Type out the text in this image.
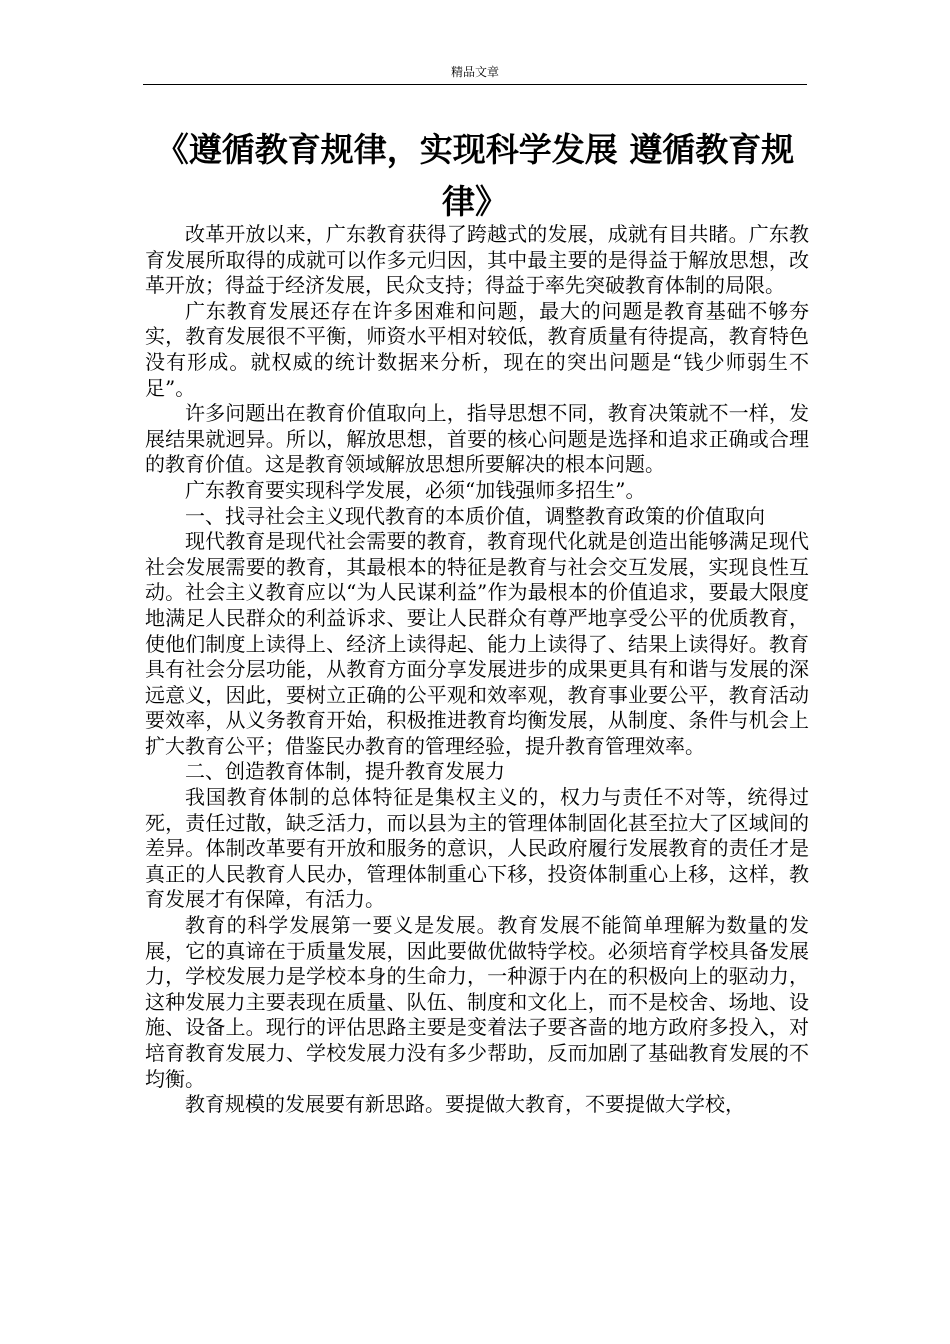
精品文章
《遵循教育规律，实现科学发展 遵循教育规律》

改革开放以来，广东教育获得了跨越式的发展，成就有目共睹。广东教育发展所取得的成就可以作多元归因，其中最主要的是得益于解放思想，改革开放；得益于经济发展，民众支持；得益于率先突破教育体制的局限。

广东教育发展还存在许多困难和问题，最大的问题是教育基础不够夯实，教育发展很不平衡，师资水平相对较低，教育质量有待提高，教育特色没有形成。就权威的统计数据来分析，现在的突出问题是“钱少师弱生不足”。

许多问题出在教育价值取向上，指导思想不同，教育决策就不一样，发展结果就迥异。所以，解放思想，首要的核心问题是选择和追求正确或合理的教育价值。这是教育领域解放思想所要解决的根本问题。

广东教育要实现科学发展，必须“加钱强师多招生”。

一、找寻社会主义现代教育的本质价值，调整教育政策的价值取向

现代教育是现代社会需要的教育，教育现代化就是创造出能够满足现代社会发展需要的教育，其最根本的特征是教育与社会交互发展，实现良性互动。社会主义教育应以“为人民谋利益”作为最根本的价值追求，要最大限度地满足人民群众的利益诉求、要让人民群众有尊严地享受公平的优质教育，使他们制度上读得上、经济上读得起、能力上读得了、结果上读得好。教育具有社会分层功能，从教育方面分享发展进步的成果更具有和谐与发展的深远意义，因此，要树立正确的公平观和效率观，教育事业要公平，教育活动要效率，从义务教育开始，积极推进教育均衡发展，从制度、条件与机会上扩大教育公平；借鉴民办教育的管理经验，提升教育管理效率。

二、创造教育体制，提升教育发展力

我国教育体制的总体特征是集权主义的，权力与责任不对等，统得过死，责任过散，缺乏活力，而以县为主的管理体制固化甚至拉大了区域间的差异。体制改革要有开放和服务的意识，人民政府履行发展教育的责任才是真正的人民教育人民办，管理体制重心下移，投资体制重心上移，这样，教育发展才有保障，有活力。

教育的科学发展第一要义是发展。教育发展不能简单理解为数量的发展，它的真谛在于质量发展，因此要做优做特学校。必须培育学校具备发展力，学校发展力是学校本身的生命力，一种源于内在的积极向上的驱动力，这种发展力主要表现在质量、队伍、制度和文化上，而不是校舍、场地、设施、设备上。现行的评估思路主要是变着法子要吝啬的地方政府多投入，对培育教育发展力、学校发展力没有多少帮助，反而加剧了基础教育发展的不均衡。

教育规模的发展要有新思路。要提做大教育，不要提做大学校，
